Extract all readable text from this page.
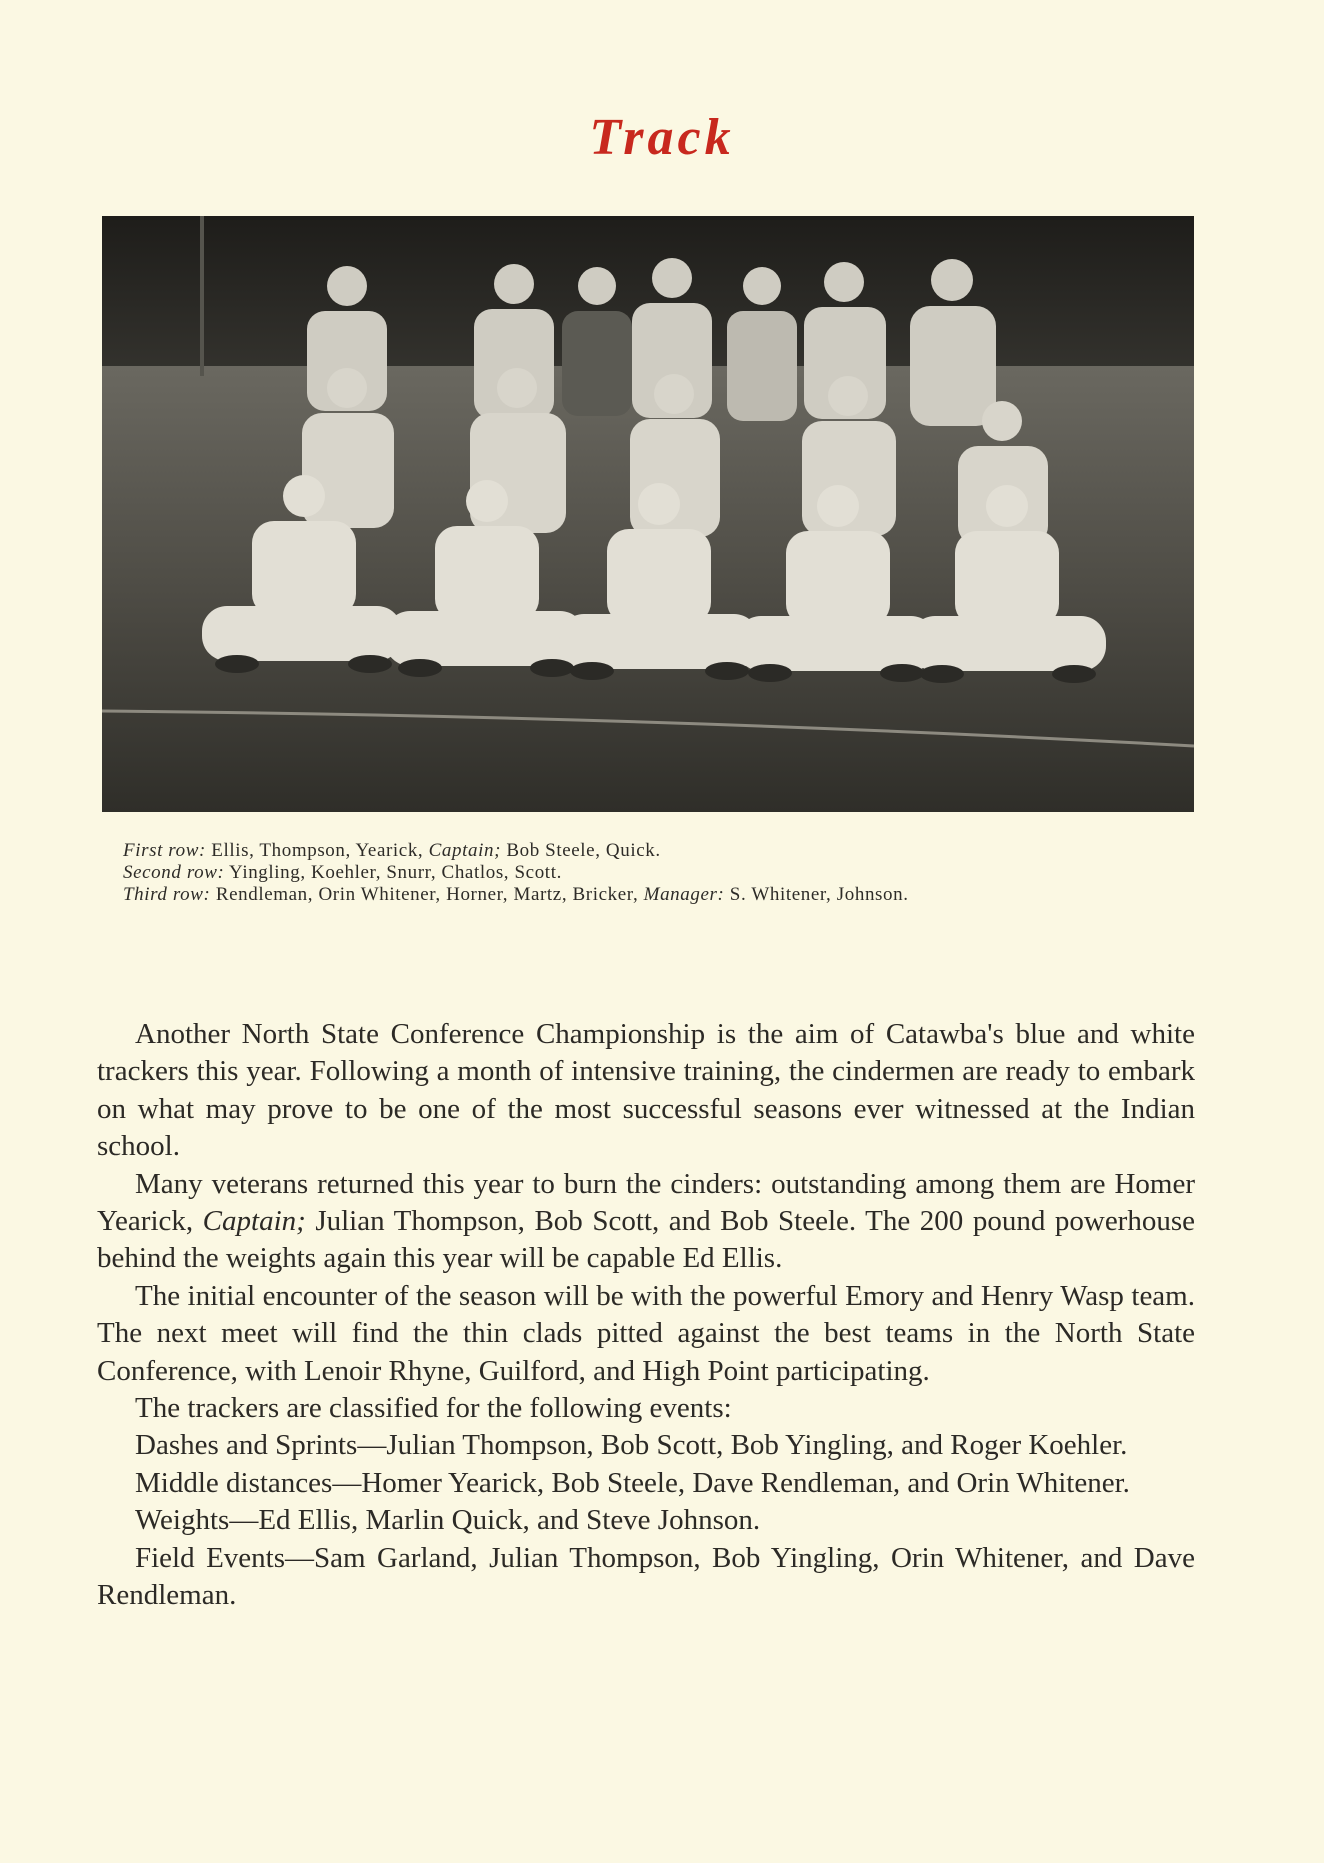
Track
First row: Ellis, Thompson, Yearick, Captain; Bob Steele, Quick.
Second row: Yingling, Koehler, Snurr, Chatlos, Scott.
Third row: Rendleman, Orin Whitener, Horner, Martz, Bricker, Manager: S. Whitener, Johnson.

Another North State Conference Championship is the aim of Catawba's blue and white trackers this year. Following a month of intensive training, the cindermen are ready to embark on what may prove to be one of the most successful seasons ever witnessed at the Indian school.

Many veterans returned this year to burn the cinders: outstanding among them are Homer Yearick, Captain; Julian Thompson, Bob Scott, and Bob Steele. The 200 pound powerhouse behind the weights again this year will be capable Ed Ellis.

The initial encounter of the season will be with the powerful Emory and Henry Wasp team. The next meet will find the thin clads pitted against the best teams in the North State Conference, with Lenoir Rhyne, Guilford, and High Point participating.

The trackers are classified for the following events:

Dashes and Sprints—Julian Thompson, Bob Scott, Bob Yingling, and Roger Koehler.

Middle distances—Homer Yearick, Bob Steele, Dave Rendleman, and Orin Whitener.

Weights—Ed Ellis, Marlin Quick, and Steve Johnson.

Field Events—Sam Garland, Julian Thompson, Bob Yingling, Orin Whitener, and Dave Rendleman.
